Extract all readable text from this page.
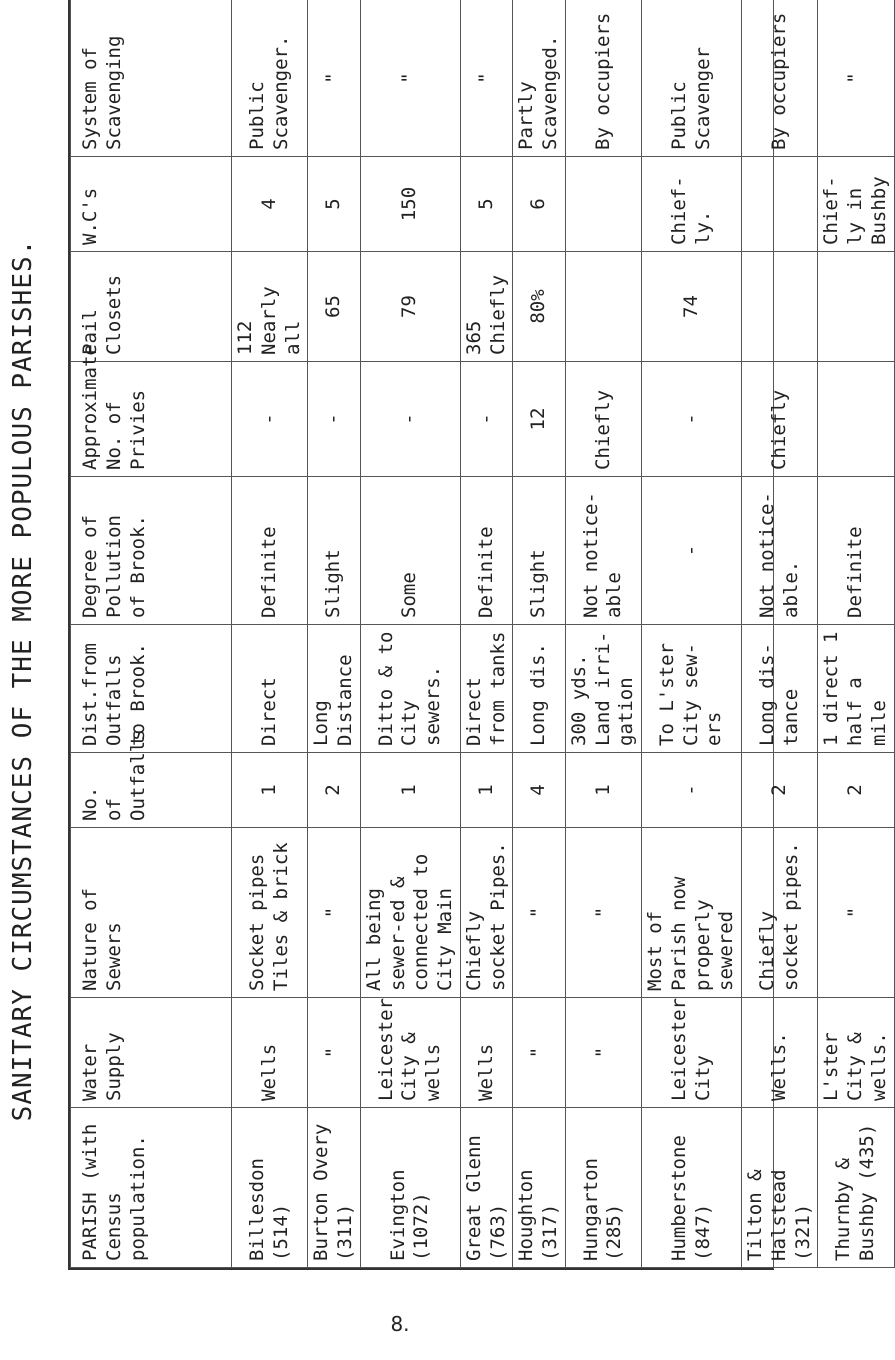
SANITARY CIRCUMSTANCES OF THE MORE POPULOUS PARISHES.
PARISH (with Census population.	Water Supply	Nature of Sewers	No. of Outfalls	Dist.from Outfalls to Brook.	Degree of Pollution of Brook.	Approximate No. of Privies	Pail Closets	W.C's	System of Scavenging
Billesdon (514)	Wells	Socket pipes Tiles & brick	1	Direct	Definite	-	112 Nearly all	4	Public Scavenger.
Burton Overy (311)	"	"	2	Long Distance	Slight	-	65	5	"
Evington (1072)	Leicester City & wells	All being sewer-ed & connected to City Main	1	Ditto & to City sewers.	Some	-	79	150	"
Great Glenn (763)	Wells	Chiefly socket Pipes.	1	Direct from tanks	Definite	-	365 Chiefly	5	"
Houghton (317)	"	"	4	Long dis.	Slight	12	80%	6	Partly Scavenged.
Hungarton (285)	"	"	1	300 yds. Land irri-gation	Not notice-able	Chiefly			By occupiers
Humberstone (847)	Leicester City	Most of Parish now properly sewered	-	To L'ster City sew-ers	-	-	74	Chief-ly.	Public Scavenger
Tilton & Halstead (321)	Wells.	Chiefly socket pipes.	2	Long dis-tance	Not notice-able.	Chiefly			By occupiers
Thurnby & Bushby (435)	L'ster City & wells.	"	2	1 direct 1 half a mile	Definite			Chief-ly in Bushby	"
8.
